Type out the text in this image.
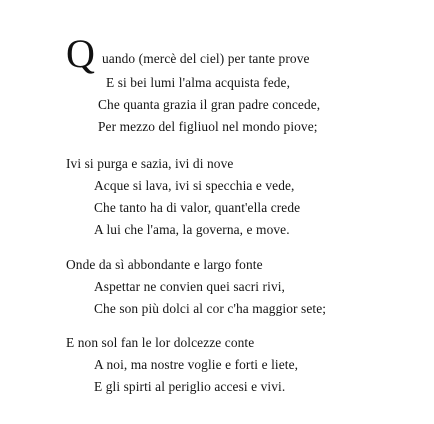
Q uando (mercè del ciel) per tante prove
E si bei lumi l'alma acquista fede,
Che quanta grazia il gran padre concede,
Per mezzo del figliuol nel mondo piove;
Ivi si purga e sazia, ivi di nove
Acque si lava, ivi si specchia e vede,
Che tanto ha di valor, quant'ella crede
A lui che l'ama, la governa, e move.
Onde da sì abbondante e largo fonte
Aspettar ne convien quei sacri rivi,
Che son più dolci al cor c'ha maggior sete;
E non sol fan le lor dolcezze conte
A noi, ma nostre voglie e forti e liete,
E gli spirti al periglio accesi e vivi.
